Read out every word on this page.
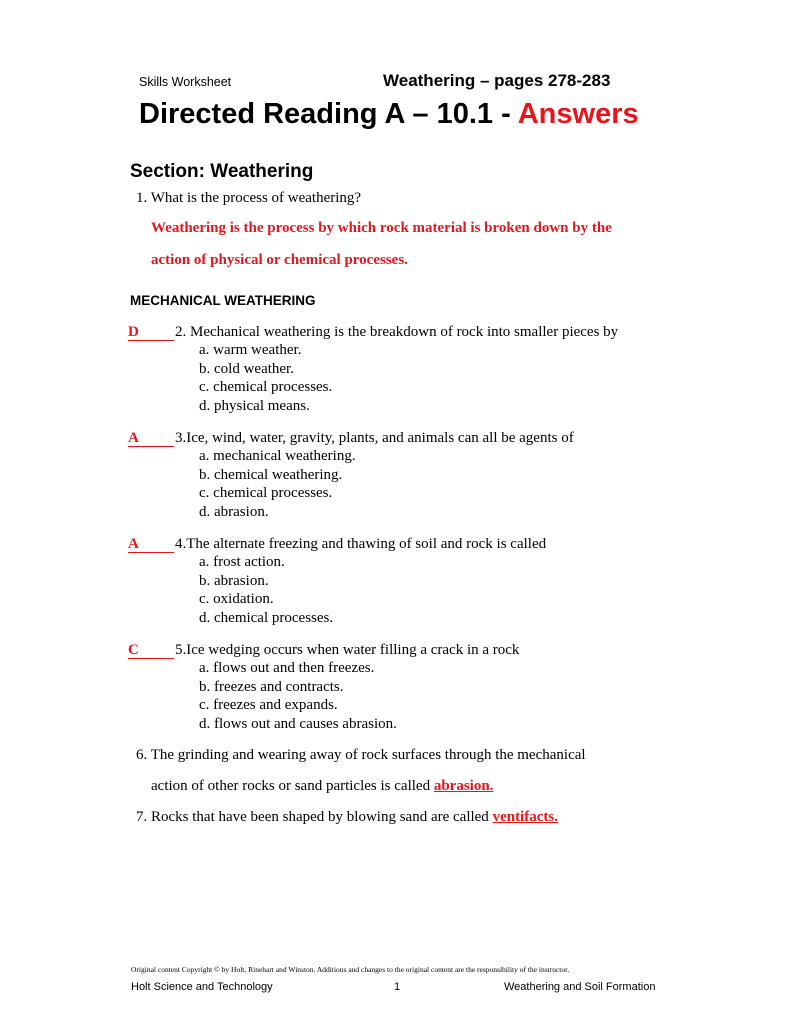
Skills Worksheet	Weathering – pages 278-283
Directed Reading A – 10.1 - Answers
Section: Weathering
1. What is the process of weathering?
Weathering is the process by which rock material is broken down by the
action of physical or chemical processes.
MECHANICAL WEATHERING
D 2. Mechanical weathering is the breakdown of rock into smaller pieces by
a. warm weather.
b. cold weather.
c. chemical processes.
d. physical means.
A 3.Ice, wind, water, gravity, plants, and animals can all be agents of
a. mechanical weathering.
b. chemical weathering.
c. chemical processes.
d. abrasion.
A 4.The alternate freezing and thawing of soil and rock is called
a. frost action.
b. abrasion.
c. oxidation.
d. chemical processes.
C 5.Ice wedging occurs when water filling a crack in a rock
a. flows out and then freezes.
b. freezes and contracts.
c. freezes and expands.
d. flows out and causes abrasion.
6. The grinding and wearing away of rock surfaces through the mechanical
action of other rocks or sand particles is called abrasion.
7. Rocks that have been shaped by blowing sand are called ventifacts.
Original content Copyright © by Holt, Rinehart and Winston. Additions and changes to the original content are the responsibility of the instructor.
Holt Science and Technology	1	Weathering and Soil Formation
